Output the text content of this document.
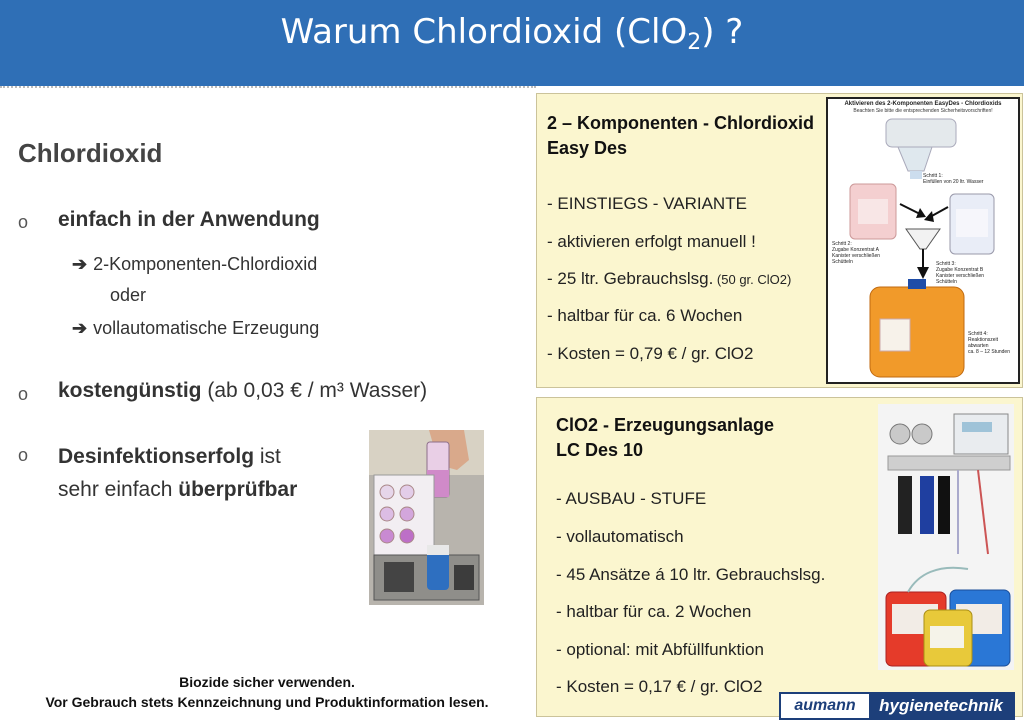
Warum Chlordioxid (ClO$_2$) ?
Chlordioxid
o einfach in der Anwendung
➔ 2-Komponenten-Chlordioxid
oder
➔ vollautomatische Erzeugung
o kostengünstig (ab 0,03 € / m³ Wasser)
o Desinfektionserfolg ist
sehr einfach überprüfbar
Biozide sicher verwenden.
Vor Gebrauch stets Kennzeichnung und Produktinformation lesen.
2 – Komponenten - Chlordioxid
Easy Des
- EINSTIEGS - VARIANTE
- aktivieren erfolgt manuell !
- 25 ltr. Gebrauchslsg. (50 gr. ClO2)
- haltbar für ca. 6 Wochen
- Kosten = 0,79 € / gr. ClO2
Aktivieren des 2-Komponenten EasyDes - Chlordioxids
Beachten Sie bitte die entsprechenden Sicherheitsvorschriften!
Schritt 1:
Einfüllen von 20 ltr. Wasser
Schritt 2:
Zugabe Konzentrat A
Kanister verschließen
Schütteln	Schritt 3:
Zugabe Konzentrat B
Kanister verschließen
Schütteln
Schritt 4:
Reaktionszeit abwarten
ca. 8 – 12 Stunden
ClO2 - Erzeugungsanlage
LC Des 10
- AUSBAU - STUFE
- vollautomatisch
- 45 Ansätze á 10 ltr. Gebrauchslsg.
- haltbar für ca. 2 Wochen
- optional: mit Abfüllfunktion
- Kosten = 0,17 € / gr. ClO2
aumann	hygienetechnik
